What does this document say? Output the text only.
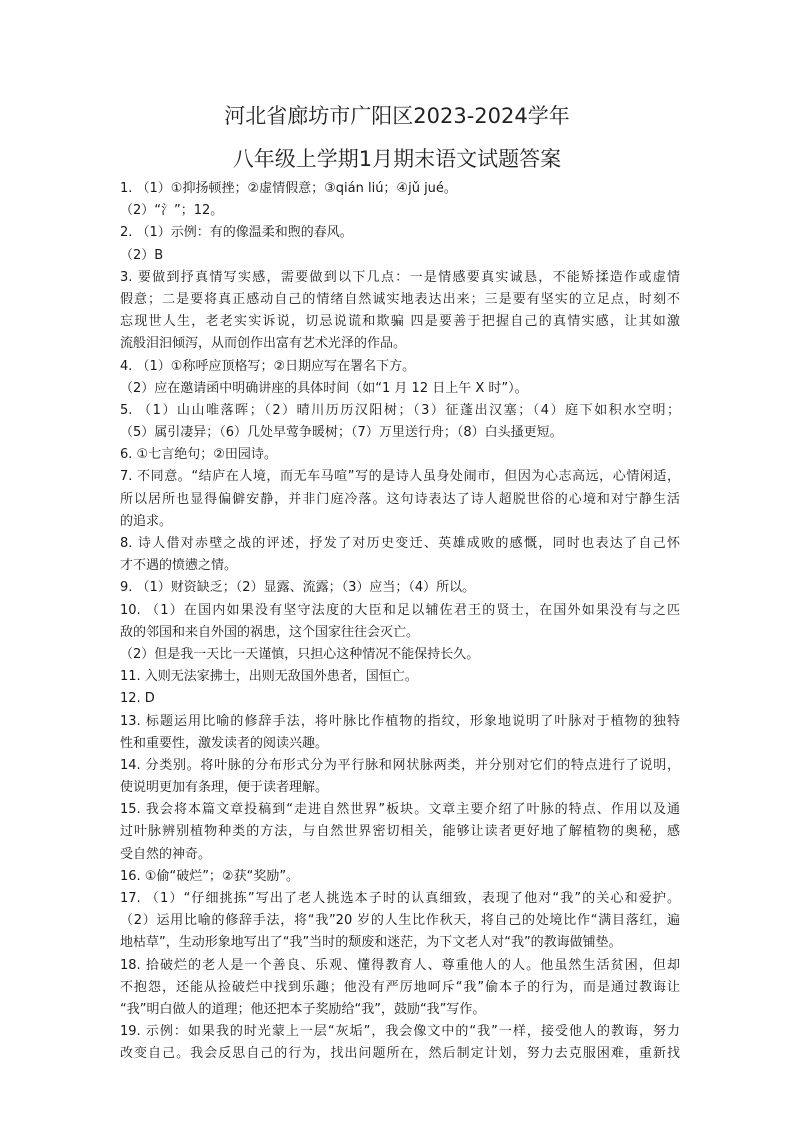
河北省廊坊市广阳区2023-2024学年
八年级上学期1月期末语文试题答案
1. （1）①抑扬顿挫；②虚情假意；③qián liú；④jǔ jué。
（2）“氵”；12。
2. （1）示例：有的像温柔和煦的春风。
（2）B
3. 要做到抒真情写实感，需要做到以下几点：一是情感要真实诚恳，不能矫揉造作或虚情
假意；二是要将真正感动自己的情绪自然诚实地表达出来；三是要有坚实的立足点，时刻不
忘现世人生，老老实实诉说，切忌说谎和欺骗 四是要善于把握自己的真情实感，让其如激
流般泪汩倾泻，从而创作出富有艺术光泽的作品。
4. （1）①称呼应顶格写；②日期应写在署名下方。
（2）应在邀请函中明确讲座的具体时间（如“1 月 12 日上午 X 时”）。
5. （1）山山唯落晖；（2）晴川历历汉阳树；（3）征蓬出汉塞；（4）庭下如积水空明；
（5）属引凄异；（6）几处早莺争暖树；（7）万里送行舟；（8）白头搔更短。
6. ①七言绝句；②田园诗。
7. 不同意。“结庐在人境，而无车马喧”写的是诗人虽身处闹市，但因为心志高远，心情闲适，
所以居所也显得偏僻安静，并非门庭冷落。这句诗表达了诗人超脱世俗的心境和对宁静生活
的追求。
8. 诗人借对赤壁之战的评述，抒发了对历史变迁、英雄成败的感慨，同时也表达了自己怀
才不遇的愤懑之情。
9. （1）财资缺乏；（2）显露、流露；（3）应当；（4）所以。
10. （1）在国内如果没有坚守法度的大臣和足以辅佐君王的贤士，在国外如果没有与之匹
敌的邻国和来自外国的祸患，这个国家往往会灭亡。
（2）但是我一天比一天谨慎，只担心这种情况不能保持长久。
11. 入则无法家拂士，出则无敌国外患者，国恒亡。
12. D
13. 标题运用比喻的修辞手法，将叶脉比作植物的指纹，形象地说明了叶脉对于植物的独特
性和重要性，激发读者的阅读兴趣。
14. 分类别。将叶脉的分布形式分为平行脉和网状脉两类，并分别对它们的特点进行了说明，
使说明更加有条理，便于读者理解。
15. 我会将本篇文章投稿到“走进自然世界”板块。文章主要介绍了叶脉的特点、作用以及通
过叶脉辨别植物种类的方法，与自然世界密切相关，能够让读者更好地了解植物的奥秘，感
受自然的神奇。
16. ①偷“破烂”；②获“奖励”。
17. （1）“仔细挑拣”写出了老人挑选本子时的认真细致，表现了他对“我”的关心和爱护。
（2）运用比喻的修辞手法，将“我”20 岁的人生比作秋天，将自己的处境比作“满目落红，遍
地枯草”，生动形象地写出了“我”当时的颓废和迷茫，为下文老人对“我”的教诲做铺垫。
18. 拾破烂的老人是一个善良、乐观、懂得教育人、尊重他人的人。他虽然生活贫困，但却
不抱怨，还能从捡破烂中找到乐趣；他没有严厉地呵斥“我”偷本子的行为，而是通过教诲让
“我”明白做人的道理；他还把本子奖励给“我”，鼓励“我”写作。
19. 示例：如果我的时光蒙上一层“灰垢”，我会像文中的“我”一样，接受他人的教诲，努力
改变自己。我会反思自己的行为，找出问题所在，然后制定计划，努力去克服困难，重新找
